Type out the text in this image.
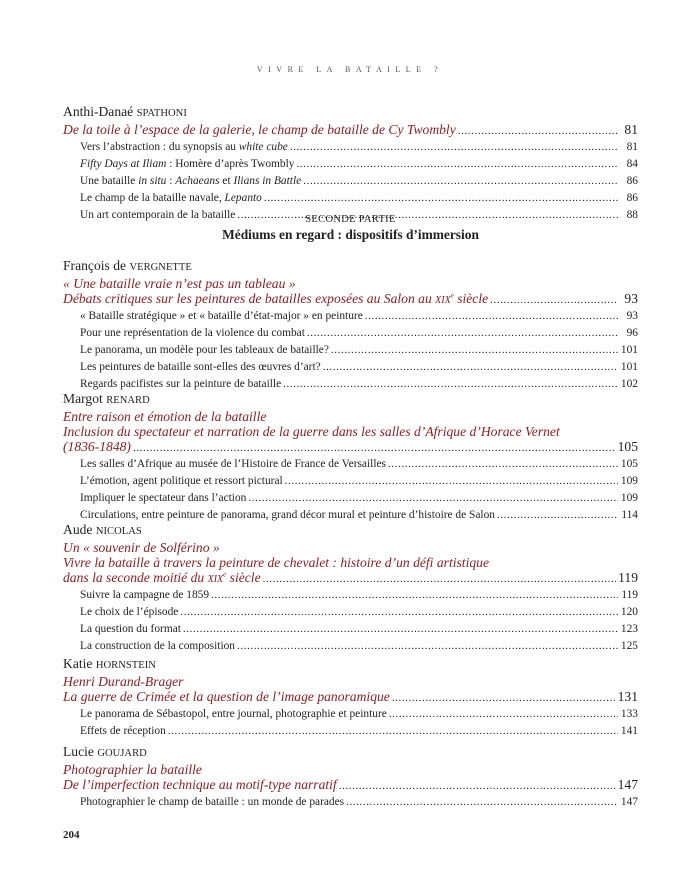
VIVRE LA BATAILLE ?
Anthi-Danaé SPATHONI
De la toile à l’espace de la galerie, le champ de bataille de Cy Twombly .....	81
Vers l’abstraction : du synopsis au white cube .....	81
Fifty Days at Iliam : Homère d’après Twombly .....	84
Une bataille in situ : Achaeans et Ilians in Battle .....	86
Le champ de la bataille navale, Lepanto .....	86
Un art contemporain de la bataille .....	88
SECONDE PARTIE
Médiums en regard : dispositifs d’immersion
François de VERGNETTE
« Une bataille vraie n’est pas un tableau »
Débats critiques sur les peintures de batailles exposées au Salon au xix$^e$ siècle .....	93
« Bataille stratégique » et « bataille d’état-major » en peinture .....	93
Pour une représentation de la violence du combat .....	96
Le panorama, un modèle pour les tableaux de bataille? .....	101
Les peintures de bataille sont-elles des œuvres d’art? .....	101
Regards pacifistes sur la peinture de bataille .....	102
Margot RENARD
Entre raison et émotion de la bataille
Inclusion du spectateur et narration de la guerre dans les salles d’Afrique d’Horace Vernet
(1836-1848) .....	105
Les salles d’Afrique au musée de l’Histoire de France de Versailles .....	105
L’émotion, agent politique et ressort pictural .....	109
Impliquer le spectateur dans l’action .....	109
Circulations, entre peinture de panorama, grand décor mural et peinture d’histoire de Salon .....	114
Aude NICOLAS
Un « souvenir de Solférino »
Vivre la bataille à travers la peinture de chevalet : histoire d’un défi artistique
dans la seconde moitié du xix$^e$ siècle .....	119
Suivre la campagne de 1859 .....	119
Le choix de l’épisode .....	120
La question du format .....	123
La construction de la composition .....	125
Katie HORNSTEIN
Henri Durand-Brager
La guerre de Crimée et la question de l’image panoramique .....	131
Le panorama de Sébastopol, entre journal, photographie et peinture .....	133
Effets de réception .....	141
Lucie GOUJARD
Photographier la bataille
De l’imperfection technique au motif-type narratif .....	147
Photographier le champ de bataille : un monde de parades .....	147
204
